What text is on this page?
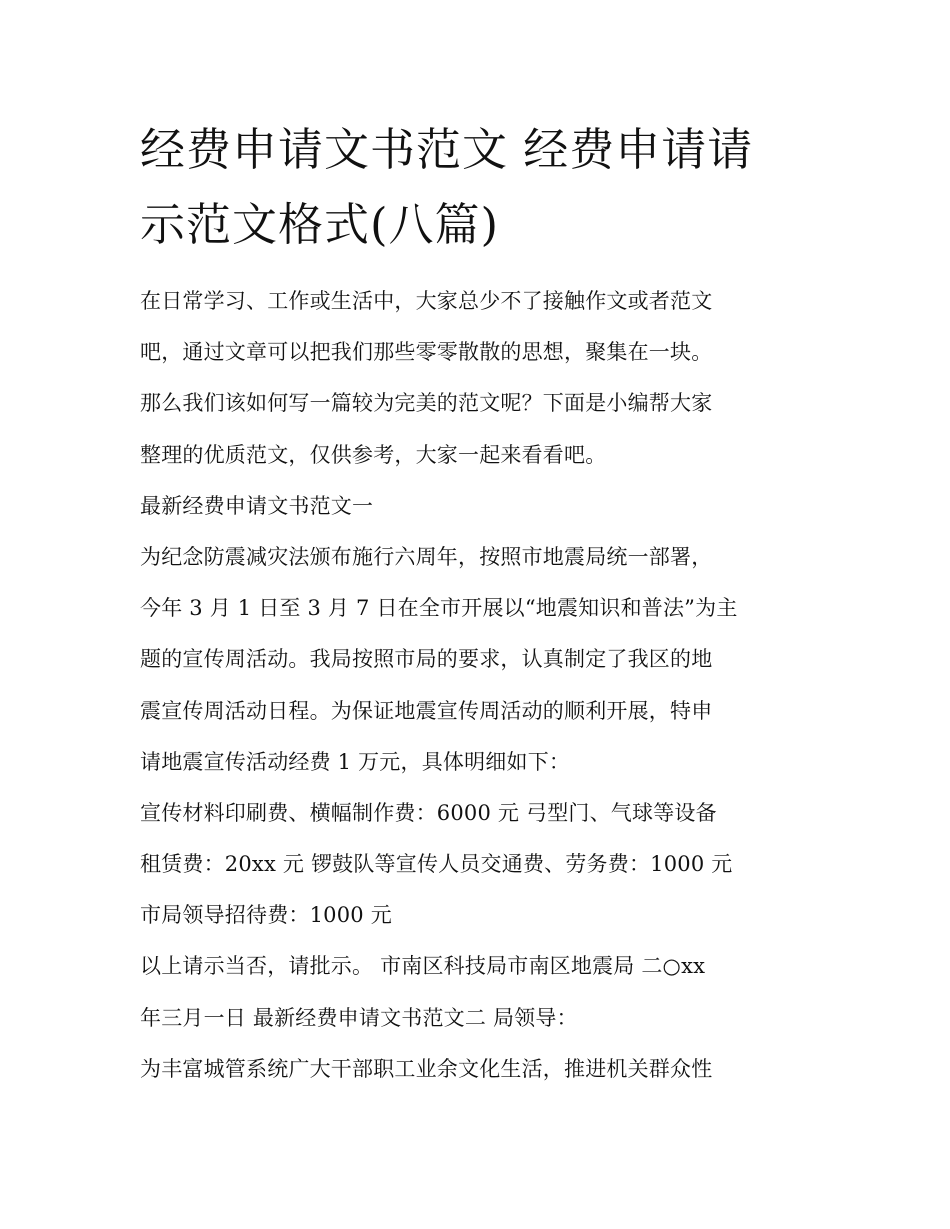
经费申请文书范文 经费申请请
示范文格式(八篇)
在日常学习、工作或生活中，大家总少不了接触作文或者范文
吧，通过文章可以把我们那些零零散散的思想，聚集在一块。
那么我们该如何写一篇较为完美的范文呢？下面是小编帮大家
整理的优质范文，仅供参考，大家一起来看看吧。
最新经费申请文书范文一
为纪念防震减灾法颁布施行六周年，按照市地震局统一部署，
今年 3 月 1 日至 3 月 7 日在全市开展以“地震知识和普法”为主
题的宣传周活动。我局按照市局的要求，认真制定了我区的地
震宣传周活动日程。为保证地震宣传周活动的顺利开展，特申
请地震宣传活动经费 1 万元，具体明细如下：
宣传材料印刷费、横幅制作费：6000 元 弓型门、气球等设备
租赁费：20xx 元 锣鼓队等宣传人员交通费、劳务费：1000 元
市局领导招待费：1000 元
以上请示当否，请批示。 市南区科技局市南区地震局 二○xx
年三月一日 最新经费申请文书范文二 局领导：
为丰富城管系统广大干部职工业余文化生活，推进机关群众性
